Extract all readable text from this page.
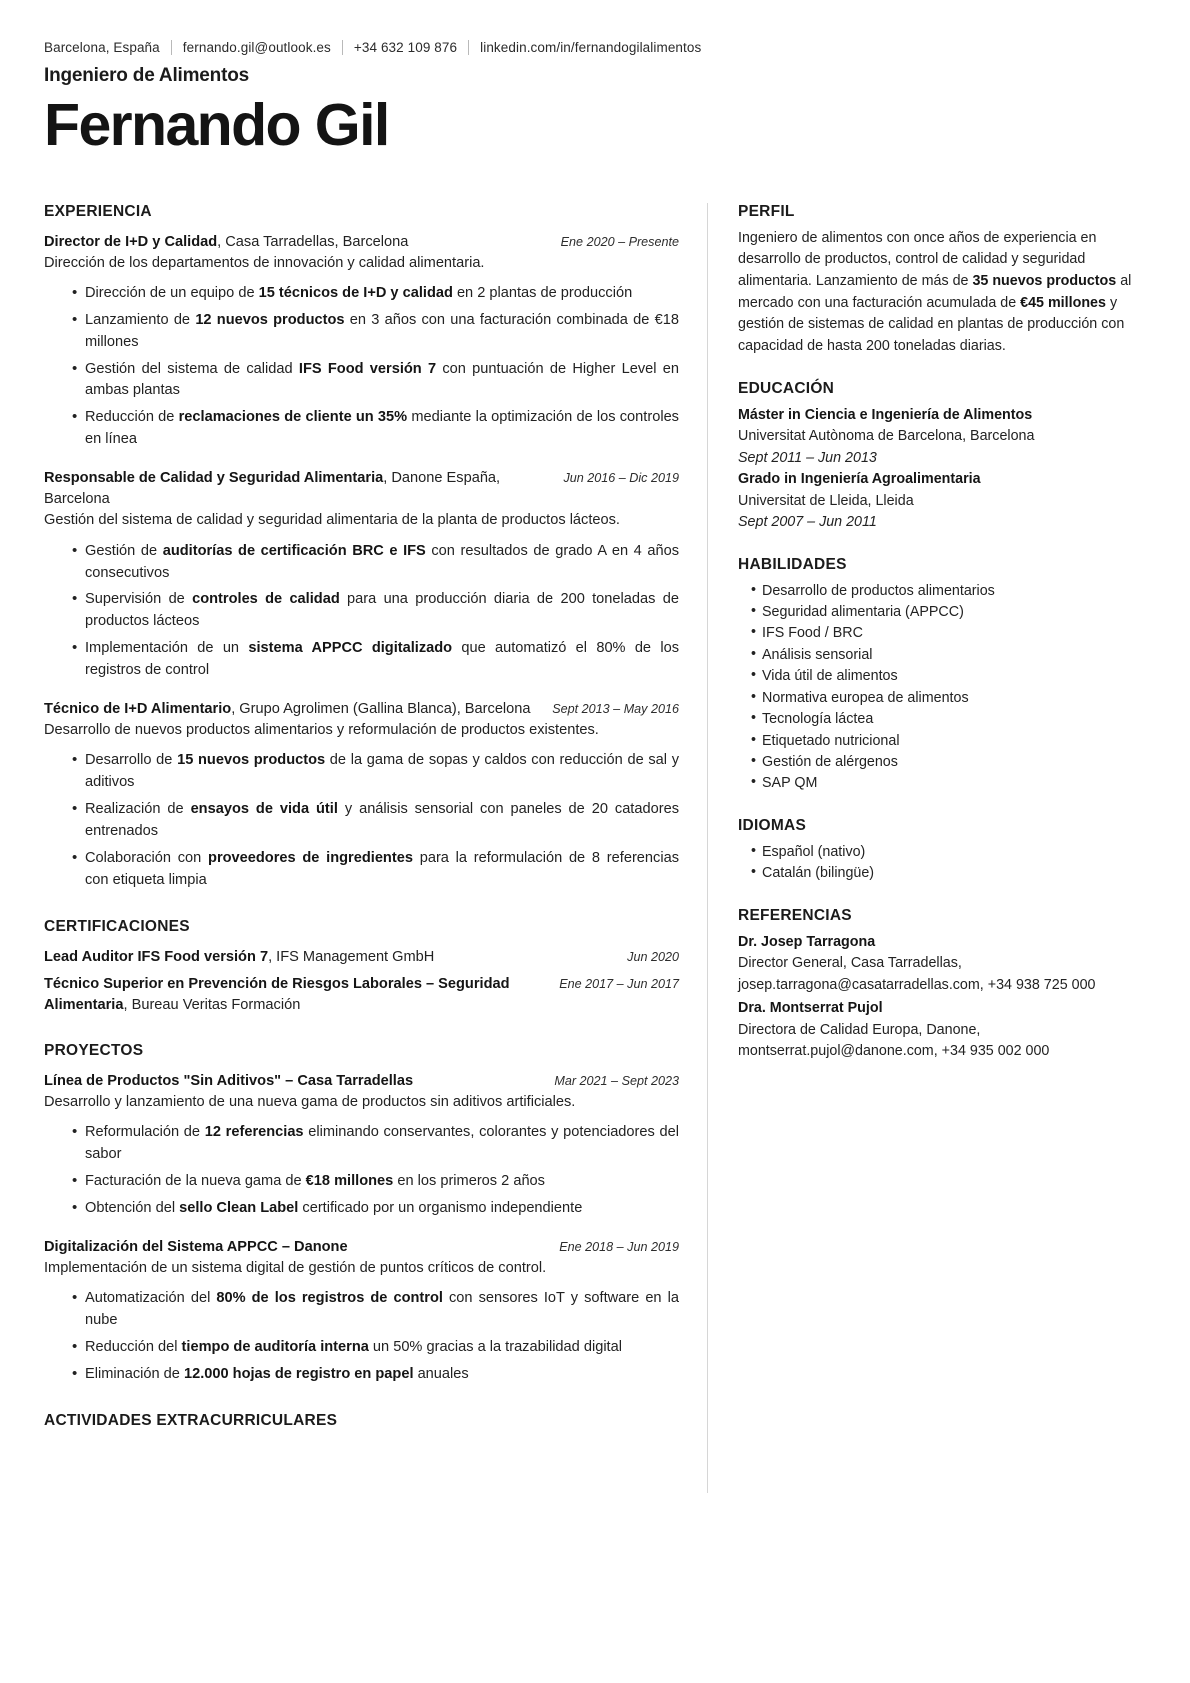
Barcelona, España fernando.gil@outlook.es +34 632 109 876 linkedin.com/in/fernandogilalimentos
Ingeniero de Alimentos
Fernando Gil
EXPERIENCIA
Director de I+D y Calidad, Casa Tarradellas, Barcelona	Ene 2020 – Presente
Dirección de los departamentos de innovación y calidad alimentaria.
• Dirección de un equipo de 15 técnicos de I+D y calidad en 2 plantas de producción
• Lanzamiento de 12 nuevos productos en 3 años con una facturación combinada de €18 millones
• Gestión del sistema de calidad IFS Food versión 7 con puntuación de Higher Level en ambas plantas
• Reducción de reclamaciones de cliente un 35% mediante la optimización de los controles en línea
Responsable de Calidad y Seguridad Alimentaria, Danone España, Barcelona
Jun 2016 – Dic 2019
Gestión del sistema de calidad y seguridad alimentaria de la planta de productos lácteos.
• Gestión de auditorías de certificación BRC e IFS con resultados de grado A en 4 años consecutivos
• Supervisión de controles de calidad para una producción diaria de 200 toneladas de productos lácteos
• Implementación de un sistema APPCC digitalizado que automatizó el 80% de los registros de control
Técnico de I+D Alimentario, Grupo Agrolimen (Gallina Blanca), Barcelona Sept 2013 – May 2016
Desarrollo de nuevos productos alimentarios y reformulación de productos existentes.
• Desarrollo de 15 nuevos productos de la gama de sopas y caldos con reducción de sal y aditivos
• Realización de ensayos de vida útil y análisis sensorial con paneles de 20 catadores entrenados
• Colaboración con proveedores de ingredientes para la reformulación de 8 referencias con etiqueta limpia
CERTIFICACIONES
Lead Auditor IFS Food versión 7, IFS Management GmbH	Jun 2020
Técnico Superior en Prevención de Riesgos Laborales – Seguridad Alimentaria, Bureau Veritas Formación
Ene 2017 – Jun 2017
PROYECTOS
Línea de Productos "Sin Aditivos" – Casa Tarradellas	Mar 2021 – Sept 2023
Desarrollo y lanzamiento de una nueva gama de productos sin aditivos artificiales.
• Reformulación de 12 referencias eliminando conservantes, colorantes y potenciadores del sabor
• Facturación de la nueva gama de €18 millones en los primeros 2 años
• Obtención del sello Clean Label certificado por un organismo independiente
Digitalización del Sistema APPCC – Danone	Ene 2018 – Jun 2019
Implementación de un sistema digital de gestión de puntos críticos de control.
• Automatización del 80% de los registros de control con sensores IoT y software en la nube
• Reducción del tiempo de auditoría interna un 50% gracias a la trazabilidad digital
• Eliminación de 12.000 hojas de registro en papel anuales
ACTIVIDADES EXTRACURRICULARES
PERFIL

Ingeniero de alimentos con once años de experiencia en desarrollo de productos, control de calidad y seguridad alimentaria. Lanzamiento de más de 35 nuevos productos al mercado con una facturación acumulada de €45 millones y gestión de sistemas de calidad en plantas de producción con capacidad de hasta 200 toneladas diarias.

EDUCACIÓN
Máster in Ciencia e Ingeniería de Alimentos
Universitat Autònoma de Barcelona, Barcelona
Sept 2011 – Jun 2013
Grado in Ingeniería Agroalimentaria
Universitat de Lleida, Lleida
Sept 2007 – Jun 2011
HABILIDADES
• Desarrollo de productos alimentarios
• Seguridad alimentaria (APPCC)
• IFS Food / BRC
• Análisis sensorial
• Vida útil de alimentos
• Normativa europea de alimentos
• Tecnología láctea
• Etiquetado nutricional
• Gestión de alérgenos
• SAP QM
IDIOMAS
• Español (nativo)
• Catalán (bilingüe)
REFERENCIAS
Dr. Josep Tarragona
Director General, Casa Tarradellas, josep.tarragona@casatarradellas.com, +34 938 725 000
Dra. Montserrat Pujol
Directora de Calidad Europa, Danone, montserrat.pujol@danone.com, +34 935 002 000
